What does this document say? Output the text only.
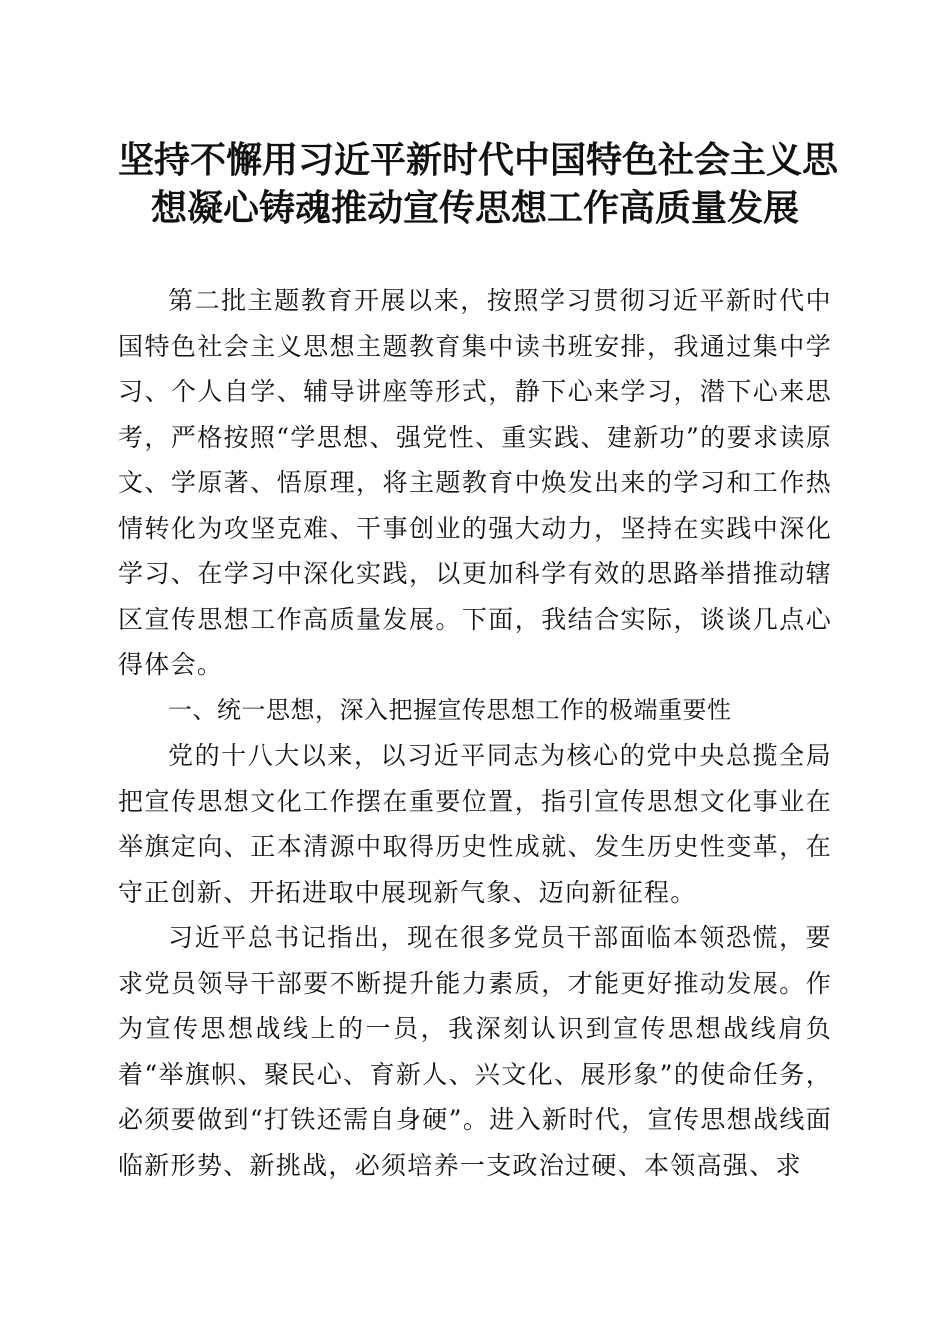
坚持不懈用习近平新时代中国特色社会主义思
想凝心铸魂推动宣传思想工作高质量发展

第二批主题教育开展以来，按照学习贯彻习近平新时代中国特色社会主义思想主题教育集中读书班安排，我通过集中学习、个人自学、辅导讲座等形式，静下心来学习，潜下心来思考，严格按照“学思想、强党性、重实践、建新功”的要求读原文、学原著、悟原理，将主题教育中焕发出来的学习和工作热情转化为攻坚克难、干事创业的强大动力，坚持在实践中深化学习、在学习中深化实践，以更加科学有效的思路举措推动辖区宣传思想工作高质量发展。下面，我结合实际，谈谈几点心得体会。

一、统一思想，深入把握宣传思想工作的极端重要性

党的十八大以来，以习近平同志为核心的党中央总揽全局把宣传思想文化工作摆在重要位置，指引宣传思想文化事业在举旗定向、正本清源中取得历史性成就、发生历史性变革，在守正创新、开拓进取中展现新气象、迈向新征程。

习近平总书记指出，现在很多党员干部面临本领恐慌，要求党员领导干部要不断提升能力素质，才能更好推动发展。作为宣传思想战线上的一员，我深刻认识到宣传思想战线肩负着“举旗帜、聚民心、育新人、兴文化、展形象”的使命任务，必须要做到“打铁还需自身硬”。进入新时代，宣传思想战线面临新形势、新挑战，必须培养一支政治过硬、本领高强、求
